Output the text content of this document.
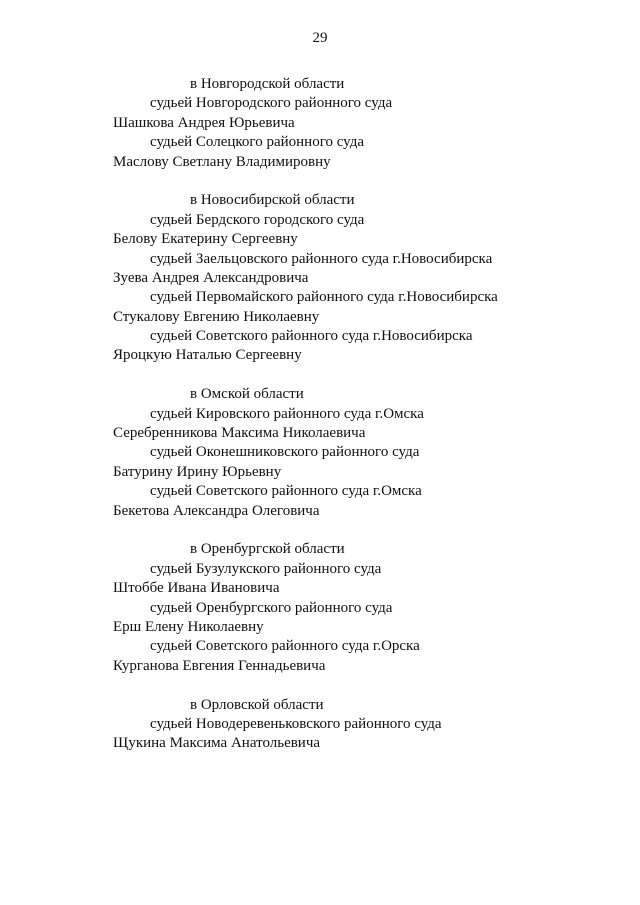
29
в Новгородской области
судьей Новгородского районного суда
Шашкова Андрея Юрьевича
судьей Солецкого районного суда
Маслову Светлану Владимировну
в Новосибирской области
судьей Бердского городского суда
Белову Екатерину Сергеевну
судьей Заельцовского районного суда г.Новосибирска
Зуева Андрея Александровича
судьей Первомайского районного суда г.Новосибирска
Стукалову Евгению Николаевну
судьей Советского районного суда г.Новосибирска
Яроцкую Наталью Сергеевну
в Омской области
судьей Кировского районного суда г.Омска
Серебренникова Максима Николаевича
судьей Оконешниковского районного суда
Батурину Ирину Юрьевну
судьей Советского районного суда г.Омска
Бекетова Александра Олеговича
в Оренбургской области
судьей Бузулукского районного суда
Штоббе Ивана Ивановича
судьей Оренбургского районного суда
Ерш Елену Николаевну
судьей Советского районного суда г.Орска
Курганова Евгения Геннадьевича
в Орловской области
судьей Новодеревеньковского районного суда
Щукина Максима Анатольевича
